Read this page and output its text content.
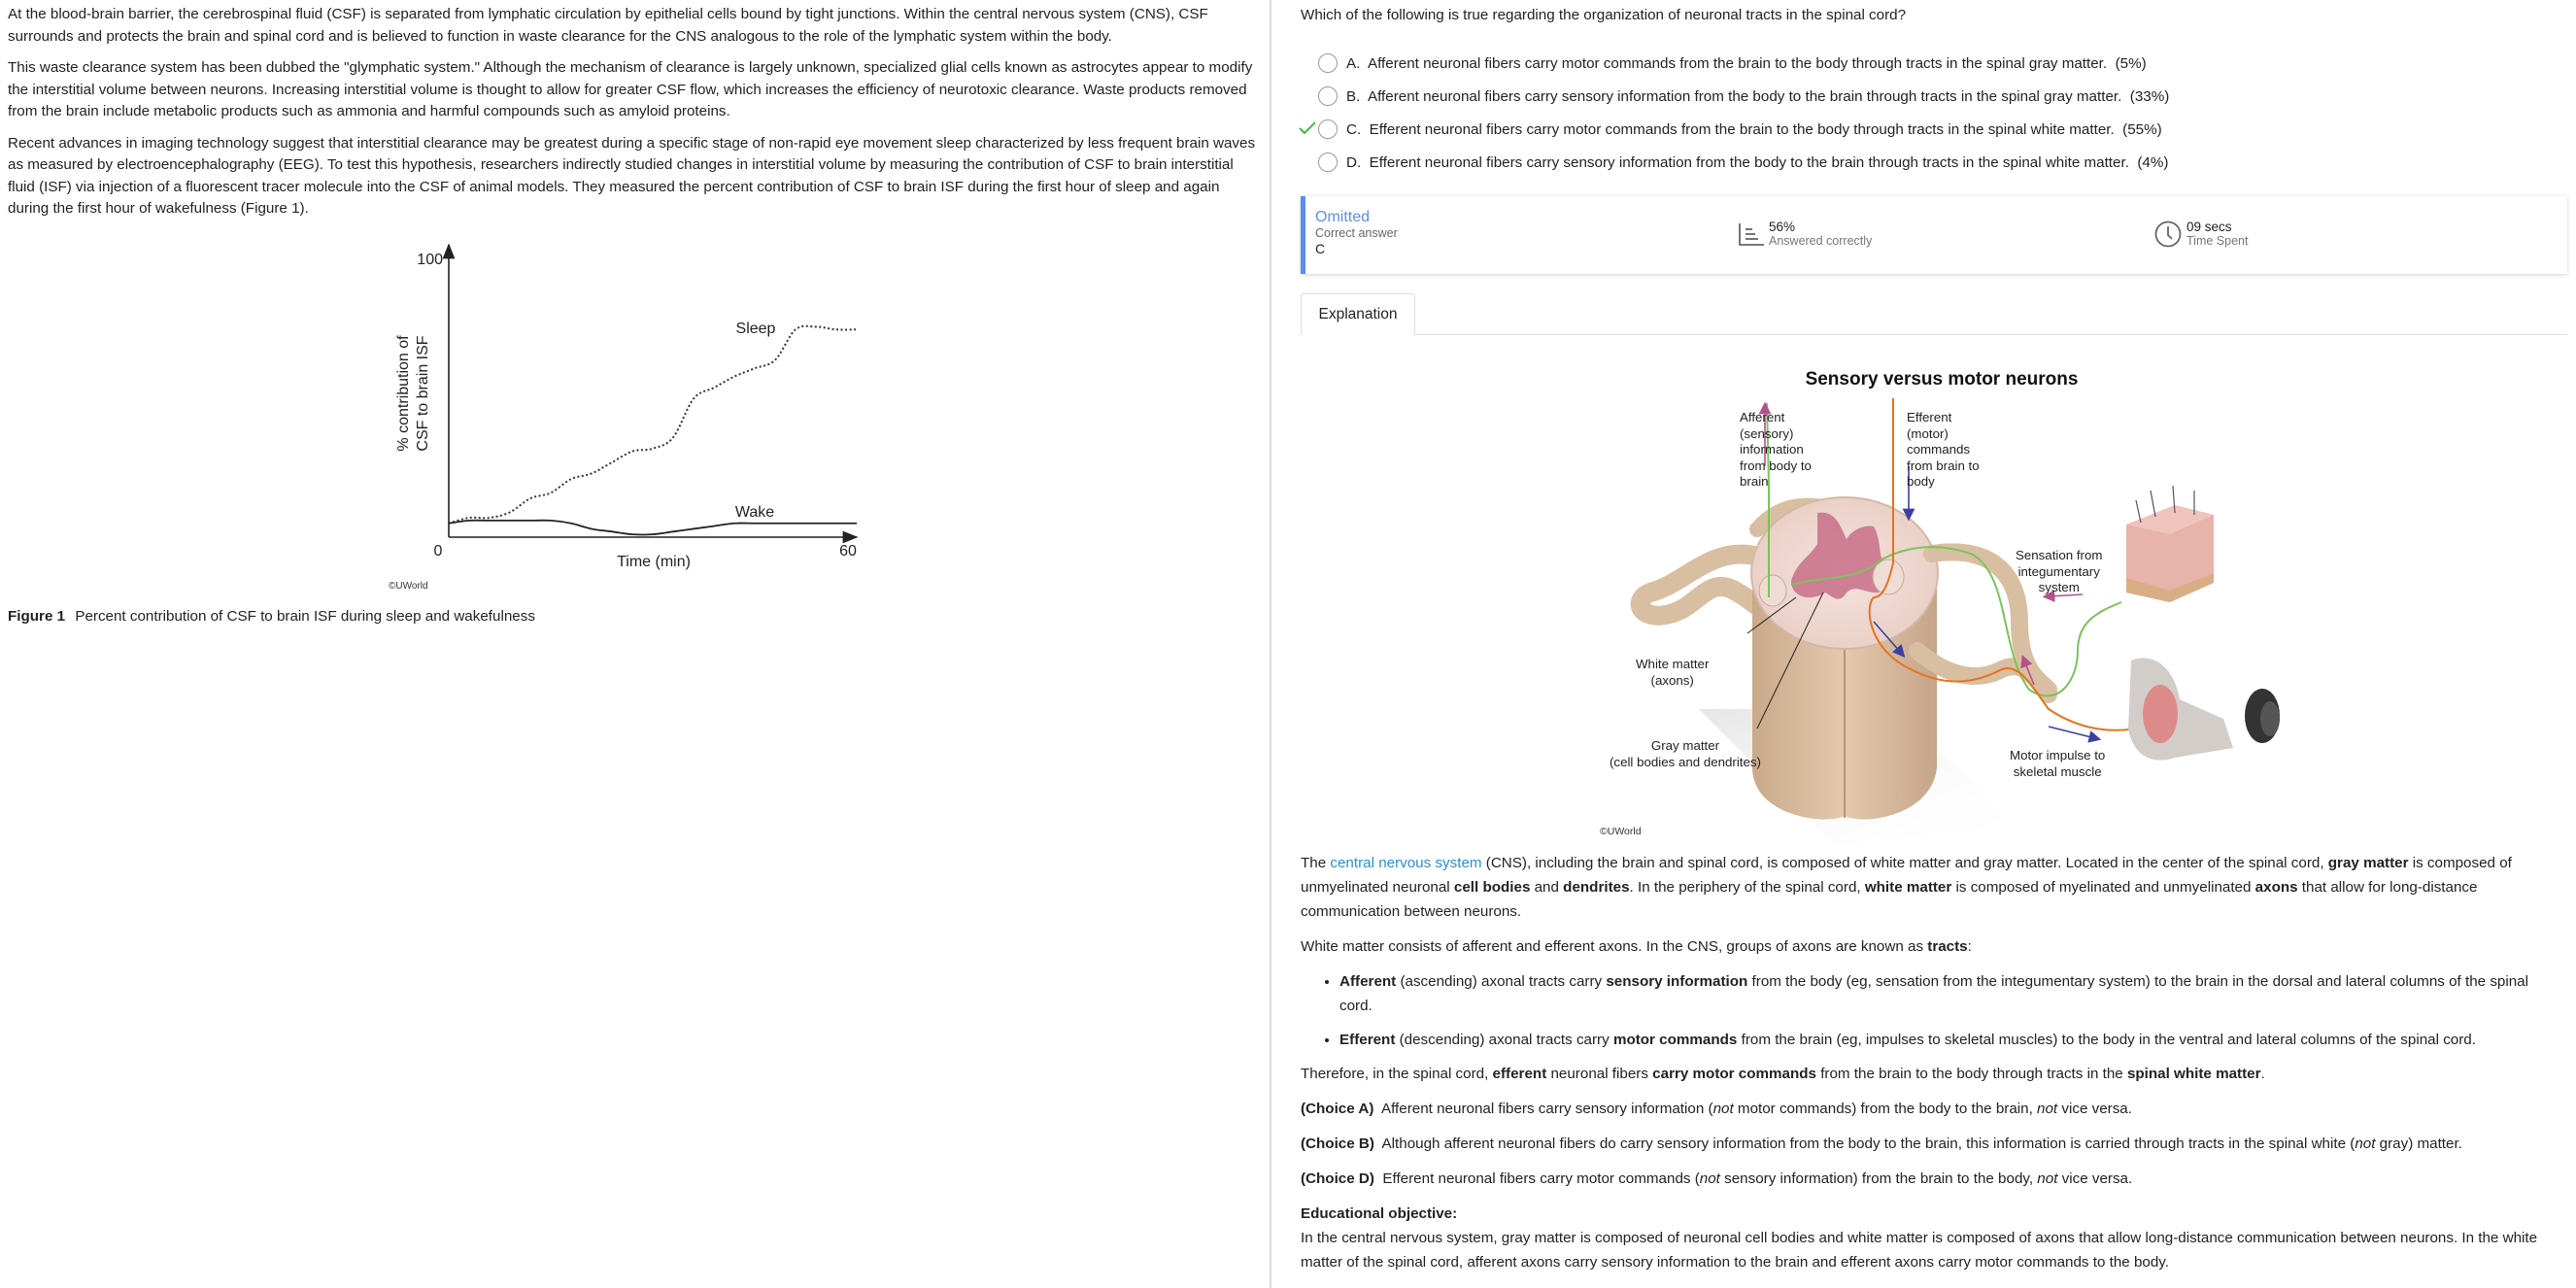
At the blood-brain barrier, the cerebrospinal fluid (CSF) is separated from lymphatic circulation by epithelial cells bound by tight junctions. Within the central nervous system (CNS), CSF surrounds and protects the brain and spinal cord and is believed to function in waste clearance for the CNS analogous to the role of the lymphatic system within the body.

This waste clearance system has been dubbed the "glymphatic system." Although the mechanism of clearance is largely unknown, specialized glial cells known as astrocytes appear to modify the interstitial volume between neurons. Increasing interstitial volume is thought to allow for greater CSF flow, which increases the efficiency of neurotoxic clearance. Waste products removed from the brain include metabolic products such as ammonia and harmful compounds such as amyloid proteins.

Recent advances in imaging technology suggest that interstitial clearance may be greatest during a specific stage of non-rapid eye movement sleep characterized by less frequent brain waves as measured by electroencephalography (EEG). To test this hypothesis, researchers indirectly studied changes in interstitial volume by measuring the contribution of CSF to brain interstitial fluid (ISF) via injection of a fluorescent tracer molecule into the CSF of animal models. They measured the percent contribution of CSF to brain ISF during the first hour of sleep and again during the first hour of wakefulness (Figure 1).

100
0	60
Time (min)
% contribution of CSF to brain ISF
Sleep
Wake
©UWorld
Figure 1 Percent contribution of CSF to brain ISF during sleep and wakefulness
Which of the following is true regarding the organization of neuronal tracts in the spinal cord?
A. Afferent neuronal fibers carry motor commands from the brain to the body through tracts in the spinal gray matter. (5%)
B. Afferent neuronal fibers carry sensory information from the body to the brain through tracts in the spinal gray matter. (33%)
C. Efferent neuronal fibers carry motor commands from the brain to the body through tracts in the spinal white matter. (55%)
D. Efferent neuronal fibers carry sensory information from the body to the brain through tracts in the spinal white matter. (4%)
Omitted
Correct answer
C
56%
Answered correctly
09 secs
Time Spent
Explanation
Sensory versus motor neurons
Afferent
(sensory)
information
from body to
brain
Efferent
(motor)
commands
from brain to
body
Sensation from
integumentary
system
White matter
(axons)
Gray matter
(cell bodies and dendrites)	Motor impulse to
skeletal muscle
©UWorld

The central nervous system (CNS), including the brain and spinal cord, is composed of white matter and gray matter. Located in the center of the spinal cord, gray matter is composed of unmyelinated neuronal cell bodies and dendrites. In the periphery of the spinal cord, white matter is composed of myelinated and unmyelinated axons that allow for long-distance communication between neurons.

White matter consists of afferent and efferent axons. In the CNS, groups of axons are known as tracts:

• Afferent (ascending) axonal tracts carry sensory information from the body (eg, sensation from the integumentary system) to the brain in the dorsal and lateral columns of the spinal cord.
• Efferent (descending) axonal tracts carry motor commands from the brain (eg, impulses to skeletal muscles) to the body in the ventral and lateral columns of the spinal cord.

Therefore, in the spinal cord, efferent neuronal fibers carry motor commands from the brain to the body through tracts in the spinal white matter.

(Choice A)  Afferent neuronal fibers carry sensory information (not motor commands) from the body to the brain, not vice versa.

(Choice B)  Although afferent neuronal fibers do carry sensory information from the body to the brain, this information is carried through tracts in the spinal white (not gray) matter.

(Choice D)  Efferent neuronal fibers carry motor commands (not sensory information) from the brain to the body, not vice versa.

Educational objective:

In the central nervous system, gray matter is composed of neuronal cell bodies and white matter is composed of axons that allow long-distance communication between neurons. In the white matter of the spinal cord, afferent axons carry sensory information to the brain and efferent axons carry motor commands to the body.
